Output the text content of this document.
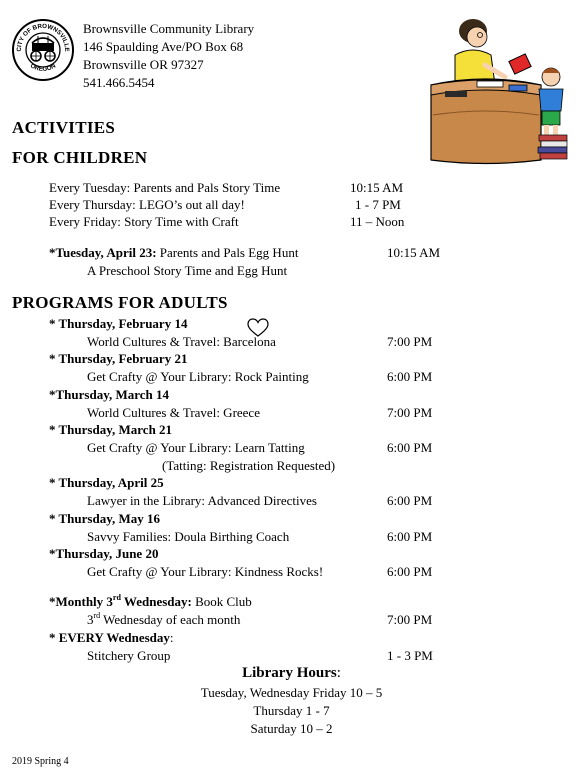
CITY OF BROWNSVILLE
OREGON
Brownsville Community Library
146 Spaulding Ave/PO Box 68
Brownsville OR 97327
541.466.5454
ACTIVITIES
FOR CHILDREN
Every Tuesday: Parents and Pals Story Time	10:15 AM
Every Thursday: LEGO’s out all day!	1 - 7 PM
Every Friday: Story Time with Craft	11 – Noon
*Tuesday, April 23: Parents and Pals Egg Hunt	10:15 AM
A Preschool Story Time and Egg Hunt
PROGRAMS FOR ADULTS
* Thursday, February 14
World Cultures & Travel: Barcelona	7:00 PM
* Thursday, February 21
Get Crafty @ Your Library: Rock Painting	6:00 PM
*Thursday, March 14
World Cultures & Travel: Greece	7:00 PM
* Thursday, March 21
Get Crafty @ Your Library: Learn Tatting	6:00 PM
(Tatting: Registration Requested)
* Thursday, April 25
Lawyer in the Library: Advanced Directives	6:00 PM
* Thursday, May 16
Savvy Families: Doula Birthing Coach	6:00 PM
*Thursday, June 20
Get Crafty @ Your Library: Kindness Rocks!	6:00 PM
*Monthly 3rd Wednesday: Book Club
3rd Wednesday of each month	7:00 PM
* EVERY Wednesday:
Stitchery Group	1 - 3 PM
Library Hours:
Tuesday, Wednesday Friday 10 – 5
Thursday 1 - 7
Saturday 10 – 2
2019 Spring 4
